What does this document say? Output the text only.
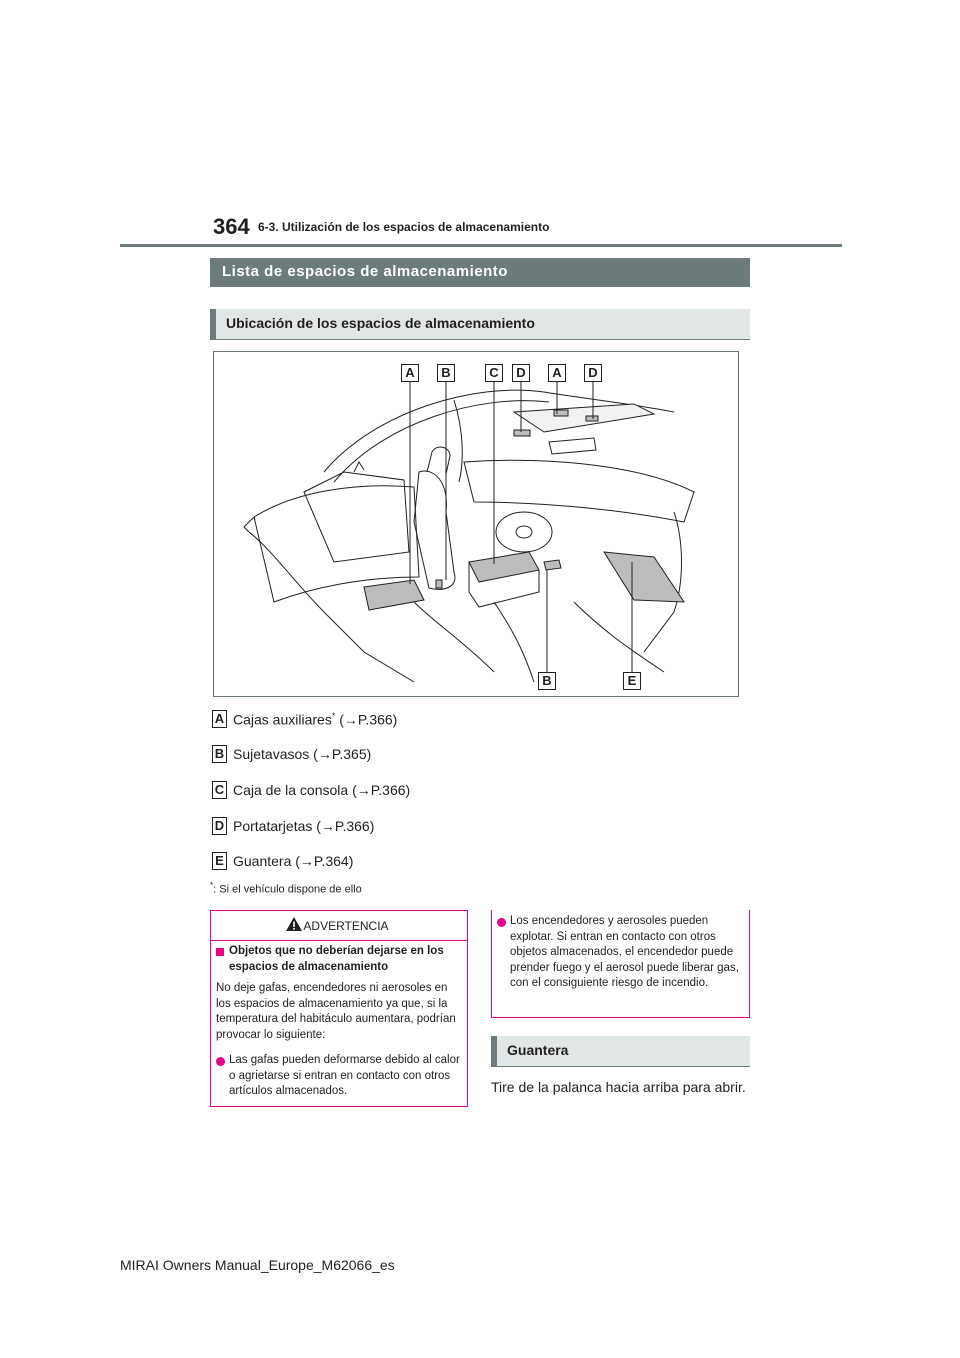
364 6-3. Utilización de los espacios de almacenamiento
Lista de espacios de almacenamiento
Ubicación de los espacios de almacenamiento
A	B	C	D	A	D
B	E
A Cajas auxiliares* (→P.366)
B Sujetavasos (→P.365)
C Caja de la consola (→P.366)
D Portatarjetas (→P.366)
E Guantera (→P.364)
*: Si el vehículo dispone de ello
ADVERTENCIA
Objetos que no deberían dejarse en los espacios de almacenamiento
No deje gafas, encendedores ni aerosoles en los espacios de almacenamiento ya que, si la temperatura del habitáculo aumentara, podrían provocar lo siguiente:
Las gafas pueden deformarse debido al calor o agrietarse si entran en contacto con otros artículos almacenados.
Los encendedores y aerosoles pueden explotar. Si entran en contacto con otros objetos almacenados, el encendedor puede prender fuego y el aerosol puede liberar gas, con el consiguiente riesgo de incendio.
Guantera
Tire de la palanca hacia arriba para abrir.
MIRAI Owners Manual_Europe_M62066_es
